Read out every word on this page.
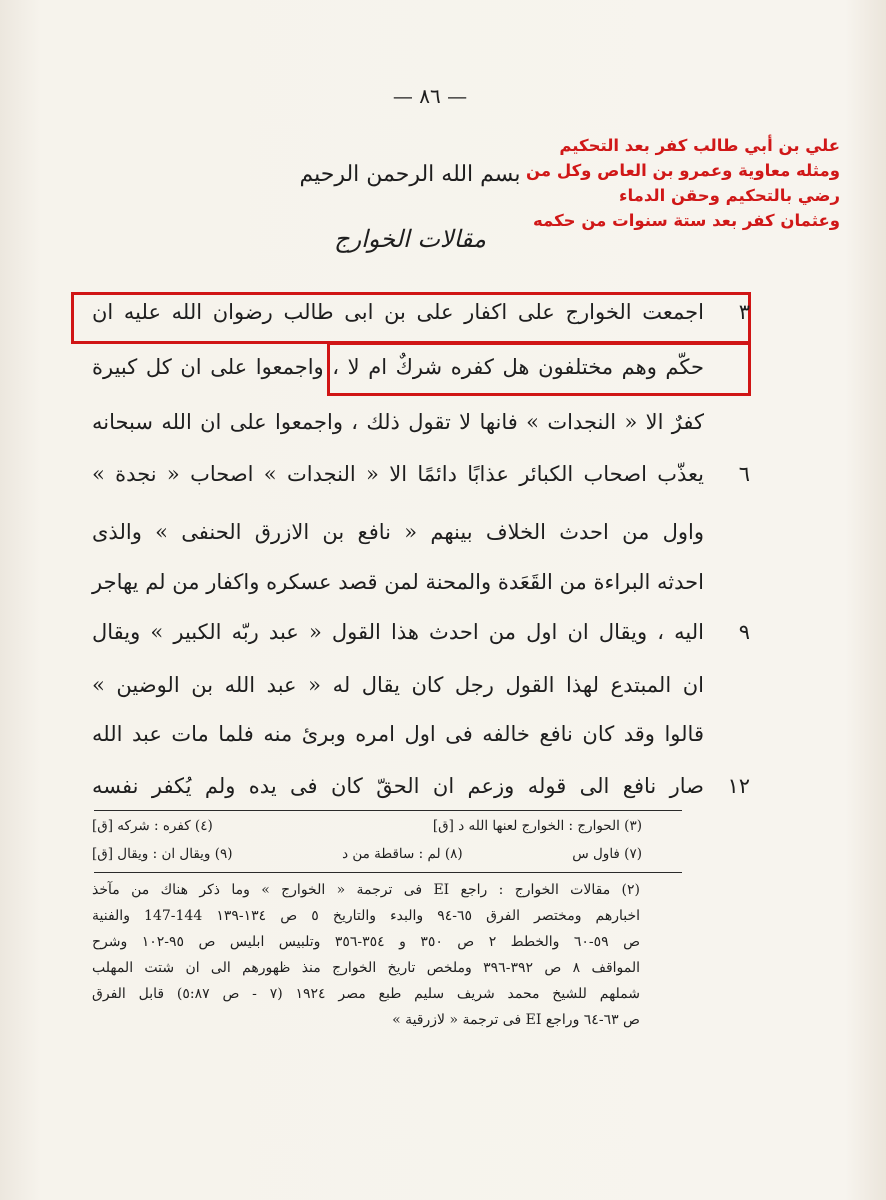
— ٨٦ —
بسم الله الرحمن الرحيم
مقالات الخوارج
علي بن أبي طالب كفر بعد التحكيم
ومثله معاوية وعمرو بن العاص وكل من
رضي بالتحكيم وحقن الدماء
وعثمان كفر بعد ستة سنوات من حكمه
اجمعت الخوارج على اكفار على بن ابى طالب رضوان الله عليه ان
حكّم وهم مختلفون هل كفره شركٌ ام لا ، واجمعوا على ان كل كبيرة
كفرٌ الا « النجدات » فانها لا تقول ذلك ، واجمعوا على ان الله سبحانه
يعذّب اصحاب الكبائر عذابًا دائمًا الا « النجدات » اصحاب « نجدة »
واول من احدث الخلاف بينهم « نافع بن الازرق الحنفى » والذى
احدثه البراءة من القَعَدة والمحنة لمن قصد عسكره واكفار من لم يهاجر
اليه ، ويقال ان اول من احدث هذا القول « عبد ربّه الكبير » ويقال
ان المبتدع لهذا القول رجل كان يقال له « عبد الله بن الوضين »
قالوا وقد كان نافع خالفه فى اول امره وبرئ منه فلما مات عبد الله
صار نافع الى قوله وزعم ان الحقّ كان فى يده ولم يُكفر نفسه
٣
٦
٩
١٢
(٣) الحوارج : الخوارج لعنها الله د [ق]
(٤) كفره : شركه [ق]
(٧) فاول س
(٨) لم : ساقطة من د
(٩) ويقال ان : ويقال [ق]
(٢) مقالات الخوارج : راجع EI فى ترجمة « الخوارج » وما ذكر هناك من مآخذ
اخبارهم ومختصر الفرق ٦٥-٩٤ والبدء والتاريخ ٥ ص ١٣٤-١٣٩ 144-147 والفنية
ص ٥٩-٦٠ والخطط ٢ ص ٣٥٠ و ٣٥٤-٣٥٦ وتلبيس ابليس ص ٩٥-١٠٢ وشرح
المواقف ٨ ص ٣٩٢-٣٩٦ وملخص تاريخ الخوارج منذ ظهورهم الى ان شتت المهلب
شملهم للشيخ محمد شريف سليم طبع مصر ١٩٢٤ (٧ - ص ٥:٨٧) قابل الفرق
ص ٦٣-٦٤ وراجع EI فى ترجمة « لازرقية »
